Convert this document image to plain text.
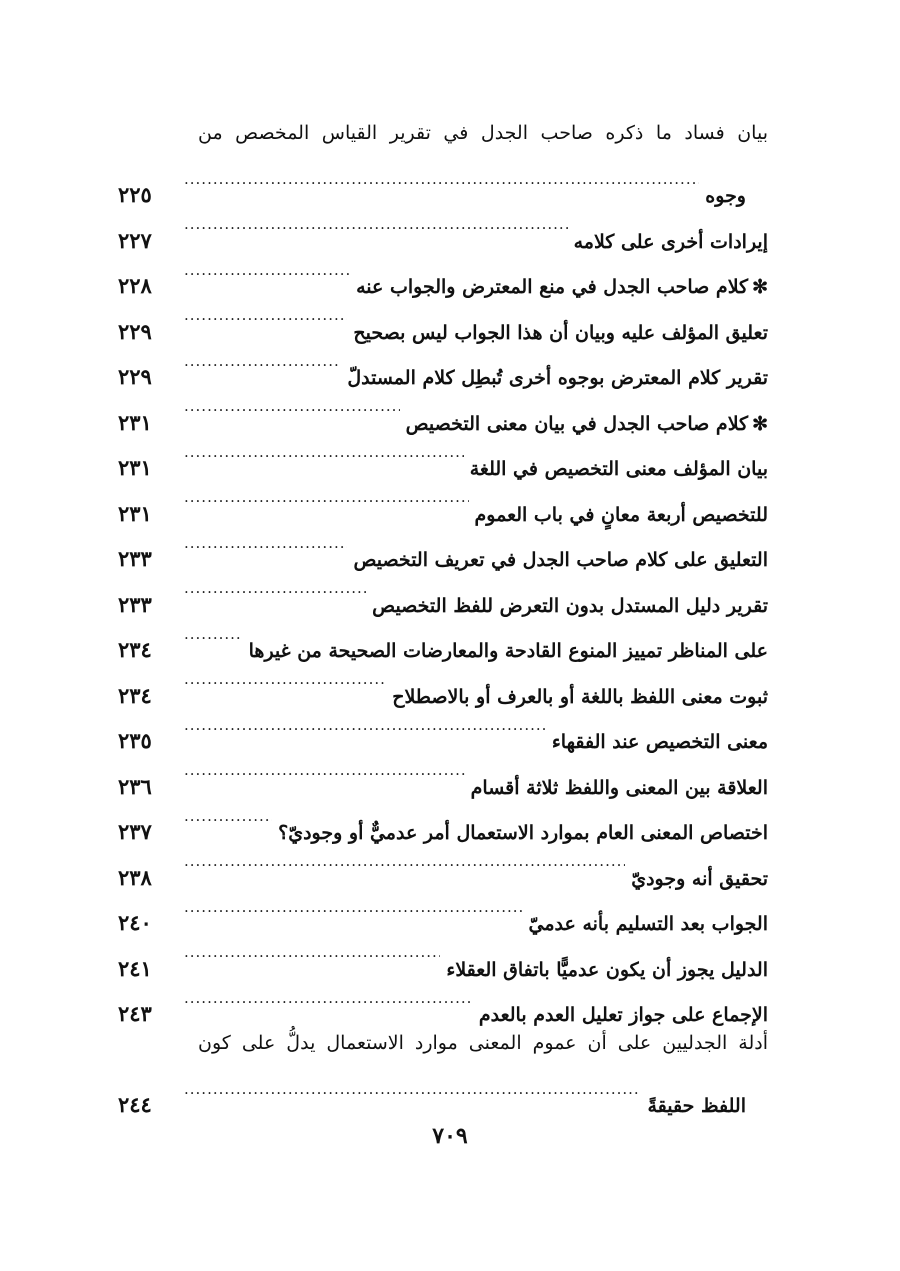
بيان فساد ما ذكره صاحب الجدل في تقرير القياس المخصص من
وجوه
.....
٢٢٥
إيرادات أخرى على كلامه
.....
٢٢٧
✻كلام صاحب الجدل في منع المعترض والجواب عنه
.....
٢٢٨
تعليق المؤلف عليه وبيان أن هذا الجواب ليس بصحيح
.....
٢٢٩
تقرير كلام المعترض بوجوه أخرى تُبطِل كلام المستدلّ
.....
٢٢٩
✻كلام صاحب الجدل في بيان معنى التخصيص
.....
٢٣١
بيان المؤلف معنى التخصيص في اللغة
.....
٢٣١
للتخصيص أربعة معانٍ في باب العموم
.....
٢٣١
التعليق على كلام صاحب الجدل في تعريف التخصيص
.....
٢٣٣
تقرير دليل المستدل بدون التعرض للفظ التخصيص
.....
٢٣٣
على المناظر تمييز المنوع القادحة والمعارضات الصحيحة من غيرها
.....
٢٣٤
ثبوت معنى اللفظ باللغة أو بالعرف أو بالاصطلاح
.....
٢٣٤
معنى التخصيص عند الفقهاء
.....
٢٣٥
العلاقة بين المعنى واللفظ ثلاثة أقسام
.....
٢٣٦
اختصاص المعنى العام بموارد الاستعمال أمر عدميٌّ أو وجوديّ؟
.....
٢٣٧
تحقيق أنه وجوديّ
.....
٢٣٨
الجواب بعد التسليم بأنه عدميّ
.....
٢٤٠
الدليل يجوز أن يكون عدميًّا باتفاق العقلاء
.....
٢٤١
الإجماع على جواز تعليل العدم بالعدم
.....
٢٤٣
أدلة الجدليين على أن عموم المعنى موارد الاستعمال يدلُّ على كون
اللفظ حقيقةً
.....
٢٤٤
٧٠٩
